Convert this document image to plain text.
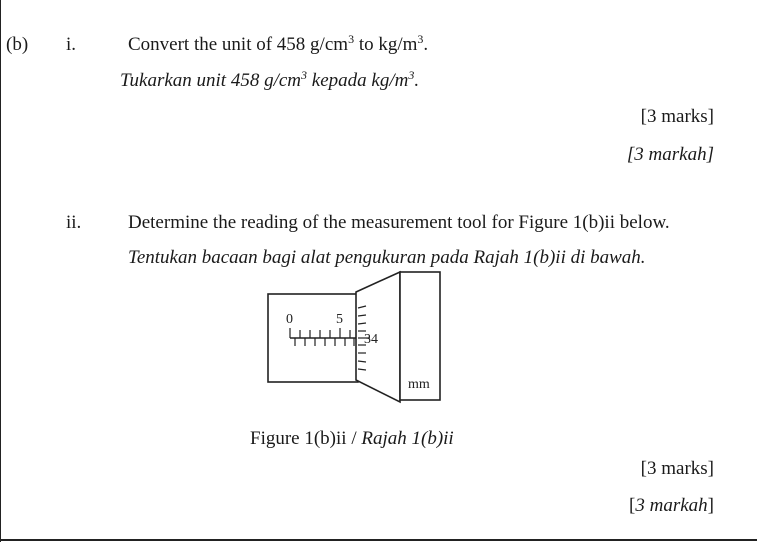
(b) i.	Convert the unit of 458 $g/cm^3$ to $kg/m^3$.
Tukarkan unit 458 $g/cm^3$ kepada $kg/m^3$.
[3 marks]
[3 markah]
ii. Determine the reading of the measurement tool for Figure 1(b)ii below.
Tentukan bacaan bagi alat pengukuran pada Rajah 1(b)ii di bawah.
0	5
34
mm
Figure 1(b)ii / Rajah 1(b)ii
[3 marks]
[3 markah]
